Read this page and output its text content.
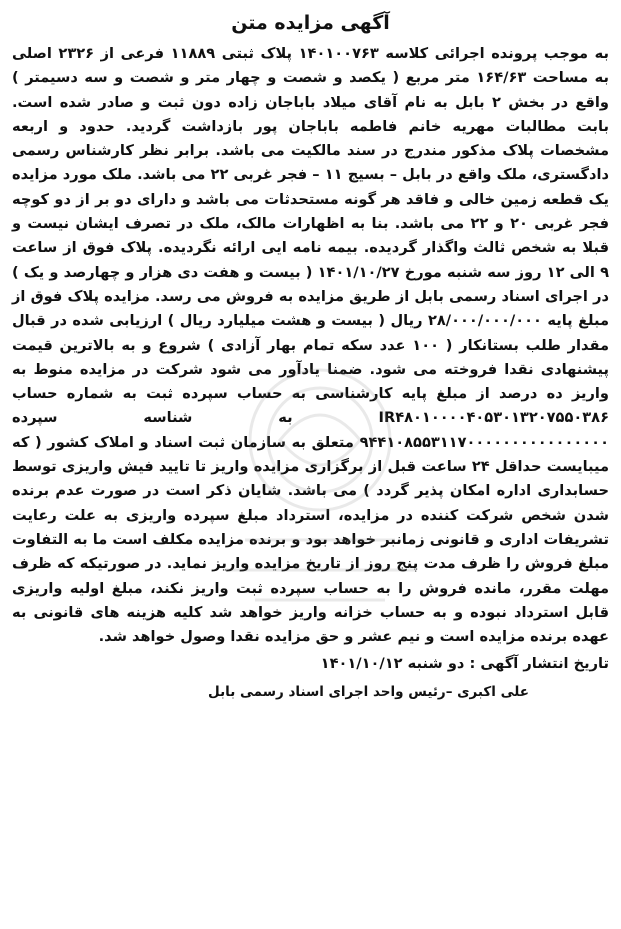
آگهی مزایده متن

به موجب پرونده اجرائی کلاسه ۱۴۰۱۰۰۷۶۳ پلاک ثبتی ۱۱۸۸۹ فرعی از ۲۳۲۶ اصلی به مساحت ۱۶۴/۶۳ متر مربع ( یکصد و شصت و چهار متر و شصت و سه دسیمتر ) واقع در بخش ۲ بابل به نام آقای میلاد باباجان زاده دون ثبت و صادر شده است. بابت مطالبات مهریه خانم فاطمه باباجان پور بازداشت گردید. حدود و اربعه مشخصات پلاک مذکور مندرج در سند مالکیت می باشد. برابر نظر کارشناس رسمی دادگستری، ملک واقع در بابل – بسیج ۱۱ – فجر غربی ۲۲ می باشد. ملک مورد مزایده یک قطعه زمین خالی و فاقد هر گونه مستحدثات می باشد و دارای دو بر از دو کوچه فجر غربی ۲۰ و ۲۲ می باشد. بنا به اظهارات مالک، ملک در تصرف ایشان نیست و قبلا به شخص ثالث واگذار گردیده. بیمه نامه ایی ارائه نگردیده. پلاک فوق از ساعت ۹ الی ۱۲ روز سه شنبه مورخ ۱۴۰۱/۱۰/۲۷ ( بیست و هفت دی هزار و چهارصد و یک ) در اجرای اسناد رسمی بابل از طریق مزایده به فروش می رسد. مزایده پلاک فوق از مبلغ پایه ۲۸/۰۰۰/۰۰۰/۰۰۰ ریال ( بیست و هشت میلیارد ریال ) ارزیابی شده در قبال مقدار طلب بستانکار ( ۱۰۰ عدد سکه تمام بهار آزادی ) شروع و به بالاترین قیمت پیشنهادی نقدا فروخته می شود. ضمنا یادآور می شود شرکت در مزایده منوط به واریز ده درصد از مبلغ پایه کارشناسی به حساب سپرده ثبت به شماره حساب IR۴۸۰۱۰۰۰۰۴۰۵۳۰۱۳۲۰۷۵۵۰۳۸۶ به شناسه سپرده ۹۴۴۱۰۸۵۵۳۱۱۷۰۰۰۰۰۰۰۰۰۰۰۰۰۰۰۰ متعلق به سازمان ثبت اسناد و املاک کشور ( که میبایست حداقل ۲۴ ساعت قبل از برگزاری مزایده واریز تا تایید فیش واریزی توسط حسابداری اداره امکان پذیر گردد ) می باشد. شایان ذکر است در صورت عدم برنده شدن شخص شرکت کننده در مزایده، استرداد مبلغ سپرده واریزی به علت رعایت تشریفات اداری و قانونی زمانبر خواهد بود و برنده مزایده مکلف است ما به التفاوت مبلغ فروش را ظرف مدت پنج روز از تاریخ مزایده واریز نماید. در صورتیکه که ظرف مهلت مقرر، مانده فروش را به حساب سپرده ثبت واریز نکند، مبلغ اولیه واریزی قابل استرداد نبوده و به حساب خزانه واریز خواهد شد کلیه هزینه های قانونی به عهده برنده مزایده است و نیم عشر و حق مزایده نقدا وصول خواهد شد.

تاریخ انتشار آگهی : دو شنبه ۱۴۰۱/۱۰/۱۲

علی اکبری –رئیس واحد اجرای اسناد رسمی بابل
